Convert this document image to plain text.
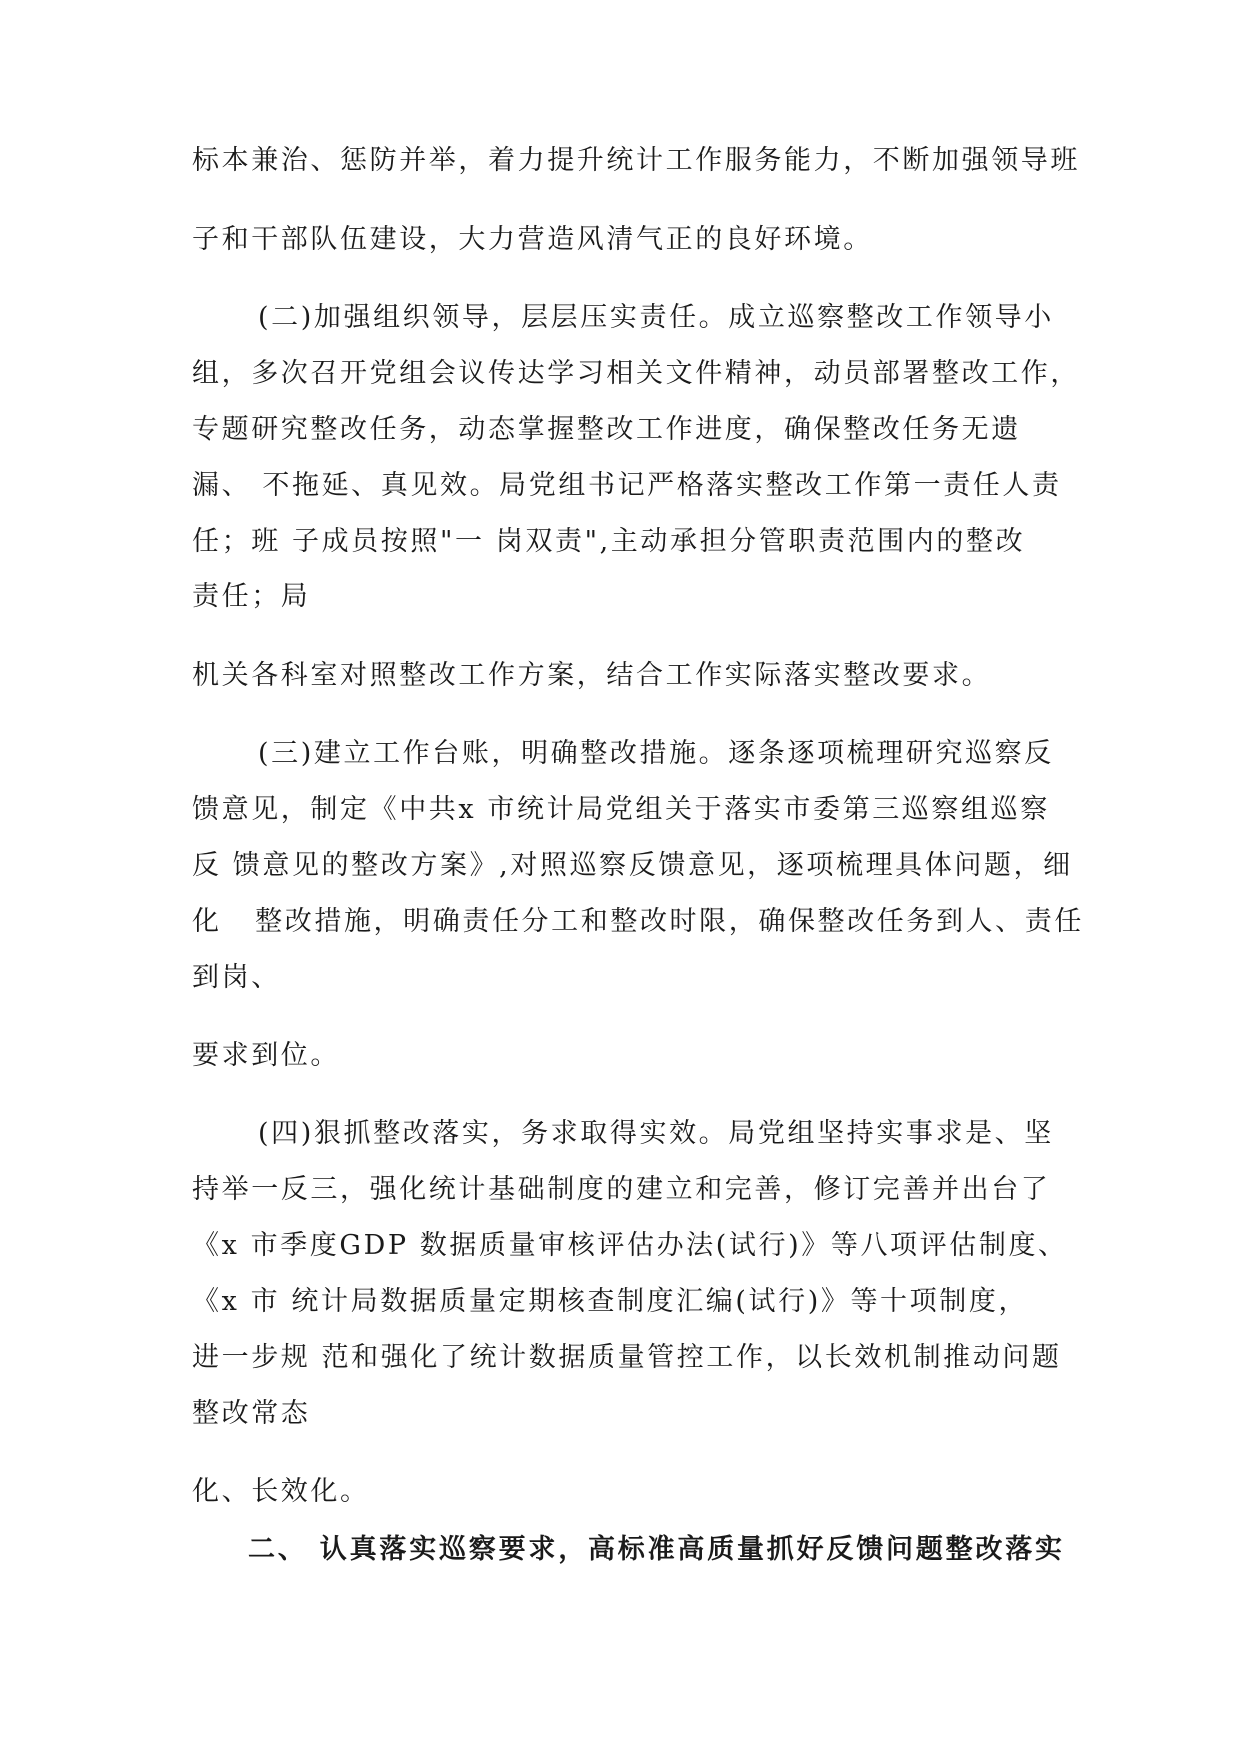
标本兼治、惩防并举，着力提升统计工作服务能力，不断加强领导班
子和干部队伍建设，大力营造风清气正的良好环境。
(二)加强组织领导，层层压实责任。成立巡察整改工作领导小
组，多次召开党组会议传达学习相关文件精神，动员部署整改工作，
专题研究整改任务，动态掌握整改工作进度，确保整改任务无遗
漏、 不拖延、真见效。局党组书记严格落实整改工作第一责任人责
任；班 子成员按照"一 岗双责",主动承担分管职责范围内的整改
责任；局
机关各科室对照整改工作方案，结合工作实际落实整改要求。
(三)建立工作台账，明确整改措施。逐条逐项梳理研究巡察反
馈意见，制定《中共x 市统计局党组关于落实市委第三巡察组巡察
反 馈意见的整改方案》,对照巡察反馈意见，逐项梳理具体问题，细
化   整改措施，明确责任分工和整改时限，确保整改任务到人、责任
到岗、
要求到位。
(四)狠抓整改落实，务求取得实效。局党组坚持实事求是、坚
持举一反三，强化统计基础制度的建立和完善，修订完善并出台了
《x 市季度GDP 数据质量审核评估办法(试行)》等八项评估制度、
《x 市 统计局数据质量定期核查制度汇编(试行)》等十项制度，
进一步规 范和强化了统计数据质量管控工作，以长效机制推动问题
整改常态
化、长效化。
二、 认真落实巡察要求，高标准高质量抓好反馈问题整改落实
